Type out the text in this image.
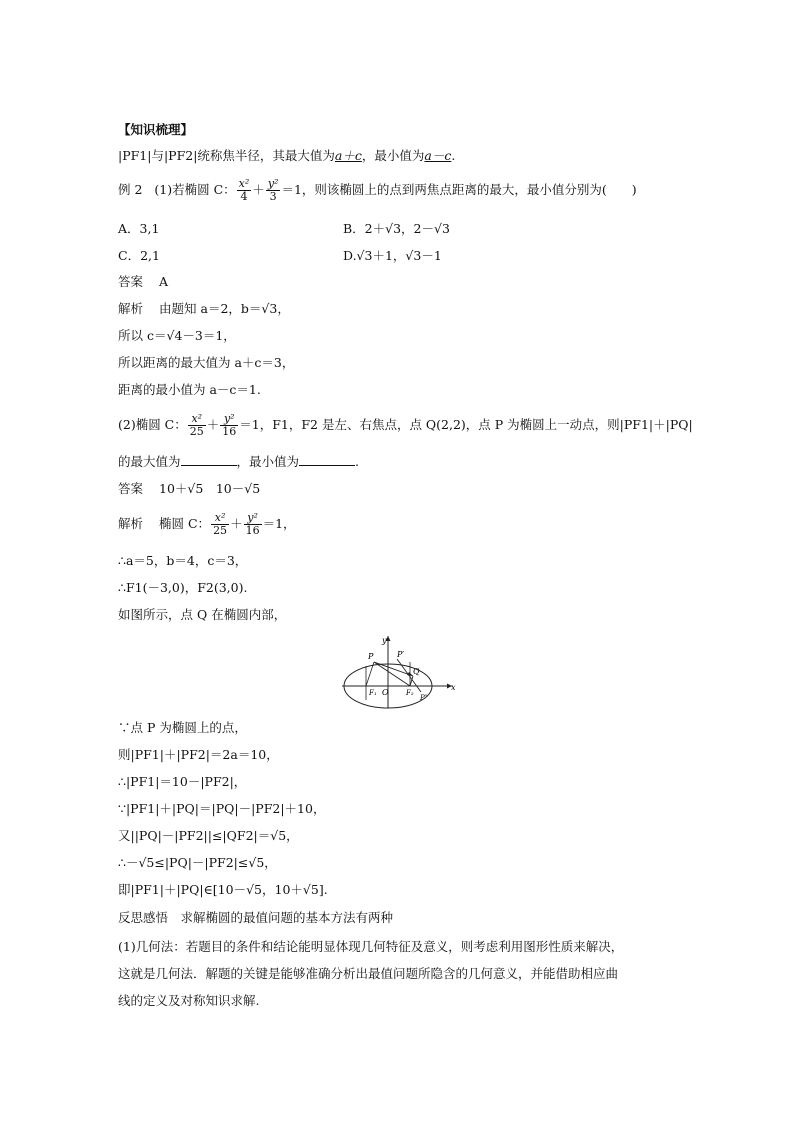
【知识梳理】
|PF1|与|PF2|统称焦半径，其最大值为a＋c，最小值为a－c.
例 2 (1)若椭圆 C： $\frac{\text{x²}}{4} + \frac{\text{y²}}{3} =1$，则该椭圆上的点到两焦点距离的最大，最小值分别为(　　)
A．3,1	B．2＋√3，2－√3
C．2,1	D.√3＋1，√3－1
答案 A
解析 由题知 a＝2，b＝√3，
所以 c＝√4－3＝1，
所以距离的最大值为 a＋c＝3，
距离的最小值为 a－c＝1.
(2)椭圆 C： $\frac{\text{x²}}{25} + \frac{\text{y²}}{16} =1$，F1，F2 是左、右焦点，点 Q(2,2)，点 P 为椭圆上一动点，则|PF1|＋|PQ|
的最大值为	，最小值为	.
答案 10＋√5　10－√5
解析 椭圆 C： $\frac{\text{x²}}{25} + \frac{\text{y²}}{16} =1$，
∴a＝5，b＝4，c＝3，
∴F1(－3,0)，F2(3,0).
如图所示，点 Q 在椭圆内部，
y
x
P	P′
Q
O
F₁	F₂
P″
∵点 P 为椭圆上的点，
则|PF1|＋|PF2|＝2a＝10，
∴|PF1|＝10－|PF2|，
∵|PF1|＋|PQ|＝|PQ|－|PF2|＋10，
又||PQ|－|PF2||≤|QF2|＝√5，
∴－√5≤|PQ|－|PF2|≤√5，
即|PF1|＋|PQ|∈[10－√5，10＋√5].
反思感悟　求解椭圆的最值问题的基本方法有两种
(1)几何法：若题目的条件和结论能明显体现几何特征及意义，则考虑利用图形性质来解决，
这就是几何法．解题的关键是能够准确分析出最值问题所隐含的几何意义，并能借助相应曲
线的定义及对称知识求解.
